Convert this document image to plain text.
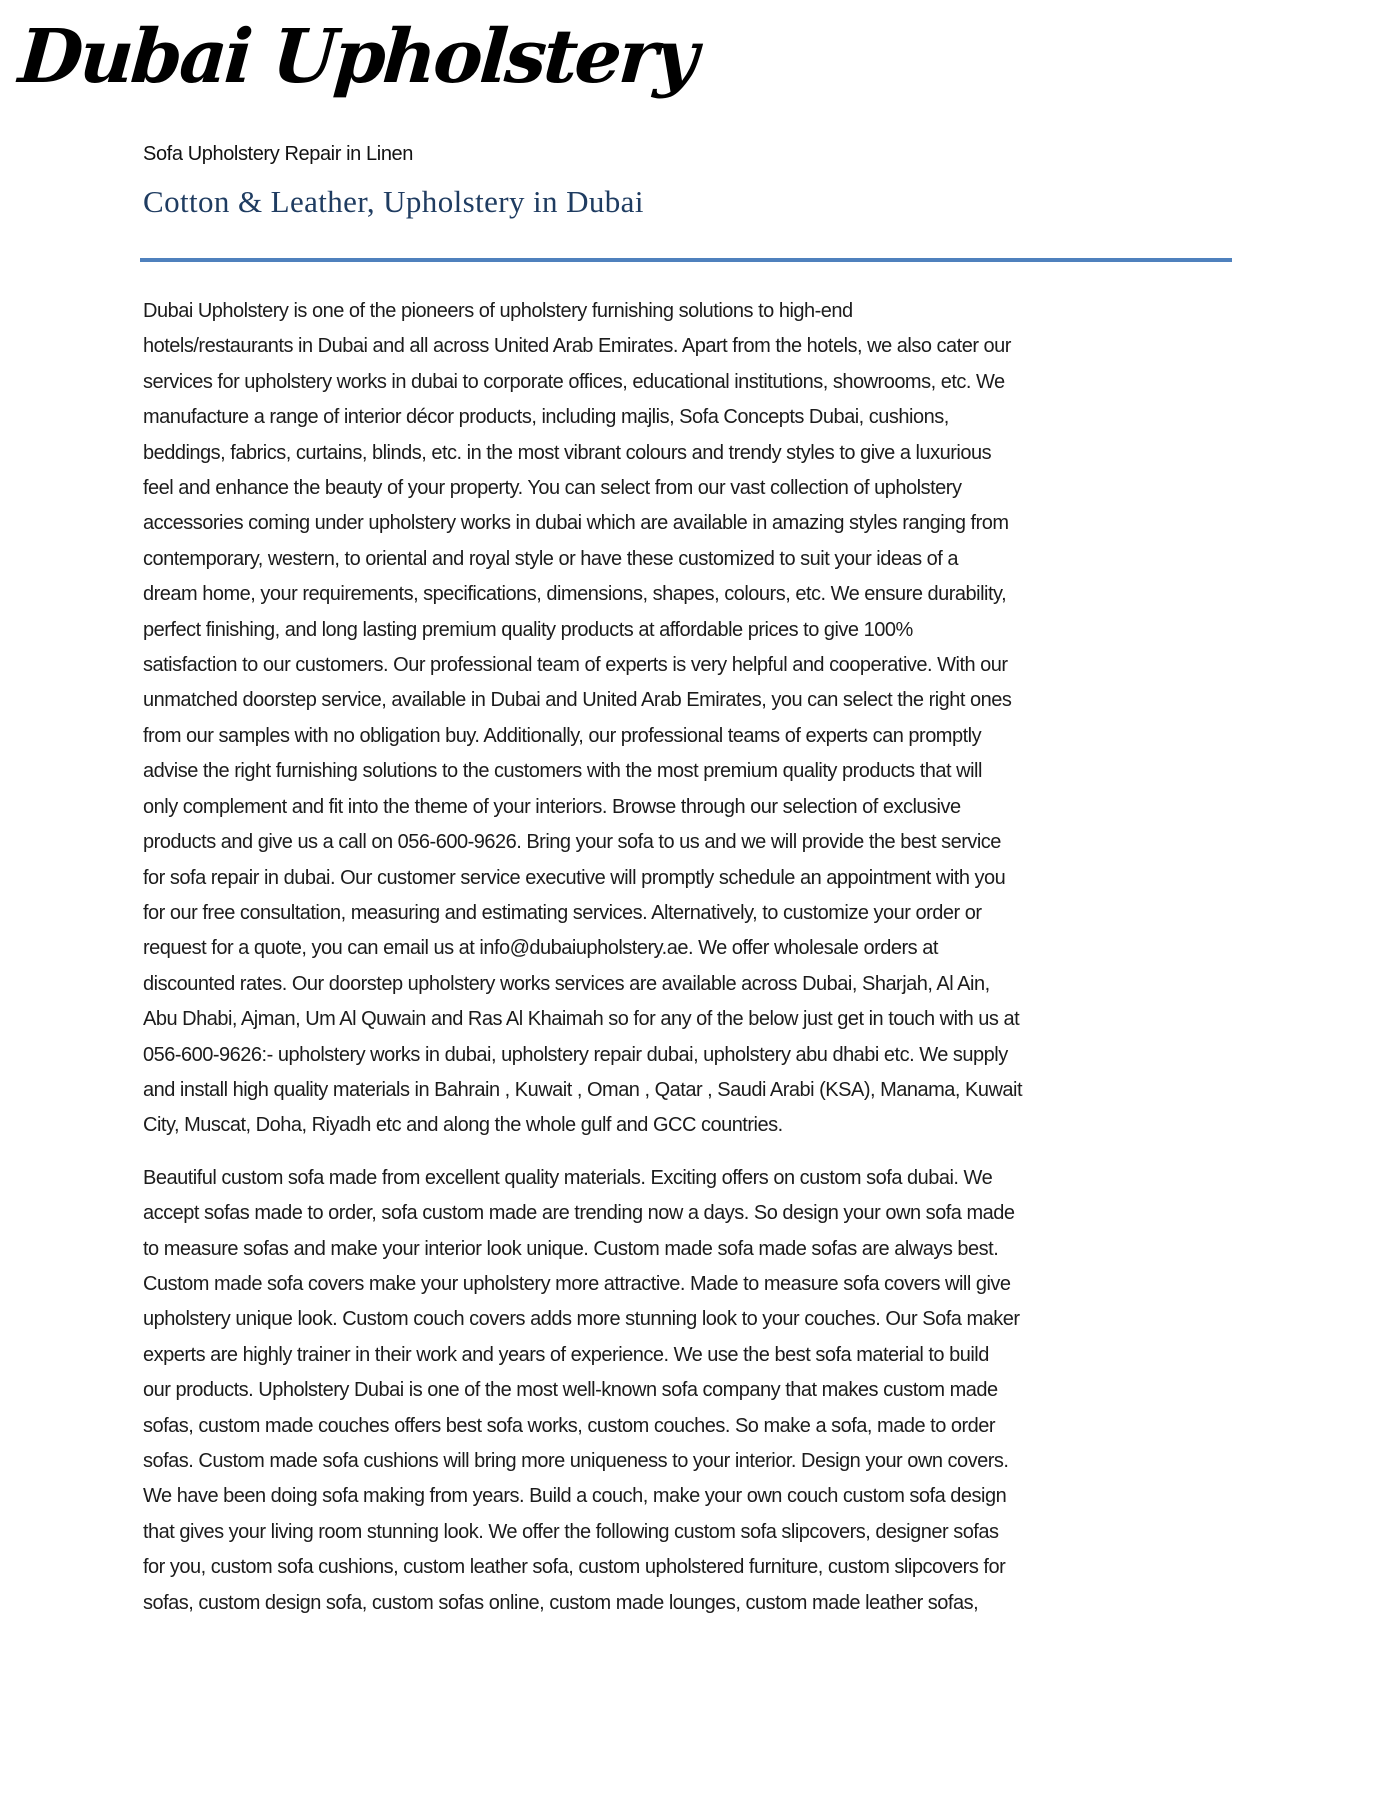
Dubai Upholstery
Sofa Upholstery Repair in Linen
Cotton & Leather, Upholstery in Dubai
Dubai Upholstery is one of the pioneers of upholstery furnishing solutions to high-end
hotels/restaurants in Dubai and all across United Arab Emirates. Apart from the hotels, we also cater our
services for upholstery works in dubai to corporate offices, educational institutions, showrooms, etc. We
manufacture a range of interior décor products, including majlis, Sofa Concepts Dubai, cushions,
beddings, fabrics, curtains, blinds, etc. in the most vibrant colours and trendy styles to give a luxurious
feel and enhance the beauty of your property. You can select from our vast collection of upholstery
accessories coming under upholstery works in dubai which are available in amazing styles ranging from
contemporary, western, to oriental and royal style or have these customized to suit your ideas of a
dream home, your requirements, specifications, dimensions, shapes, colours, etc. We ensure durability,
perfect finishing, and long lasting premium quality products at affordable prices to give 100%
satisfaction to our customers. Our professional team of experts is very helpful and cooperative. With our
unmatched doorstep service, available in Dubai and United Arab Emirates, you can select the right ones
from our samples with no obligation buy. Additionally, our professional teams of experts can promptly
advise the right furnishing solutions to the customers with the most premium quality products that will
only complement and fit into the theme of your interiors. Browse through our selection of exclusive
products and give us a call on 056-600-9626. Bring your sofa to us and we will provide the best service
for sofa repair in dubai. Our customer service executive will promptly schedule an appointment with you
for our free consultation, measuring and estimating services. Alternatively, to customize your order or
request for a quote, you can email us at info@dubaiupholstery.ae. We offer wholesale orders at
discounted rates. Our doorstep upholstery works services are available across Dubai, Sharjah, Al Ain,
Abu Dhabi, Ajman, Um Al Quwain and Ras Al Khaimah so for any of the below just get in touch with us at
056-600-9626:- upholstery works in dubai, upholstery repair dubai, upholstery abu dhabi etc. We supply
and install high quality materials in Bahrain , Kuwait , Oman , Qatar , Saudi Arabi (KSA), Manama, Kuwait
City, Muscat, Doha, Riyadh etc and along the whole gulf and GCC countries.
Beautiful custom sofa made from excellent quality materials. Exciting offers on custom sofa dubai. We
accept sofas made to order, sofa custom made are trending now a days. So design your own sofa made
to measure sofas and make your interior look unique. Custom made sofa made sofas are always best.
Custom made sofa covers make your upholstery more attractive. Made to measure sofa covers will give
upholstery unique look. Custom couch covers adds more stunning look to your couches. Our Sofa maker
experts are highly trainer in their work and years of experience. We use the best sofa material to build
our products. Upholstery Dubai is one of the most well-known sofa company that makes custom made
sofas, custom made couches offers best sofa works, custom couches. So make a sofa, made to order
sofas. Custom made sofa cushions will bring more uniqueness to your interior. Design your own covers.
We have been doing sofa making from years. Build a couch, make your own couch custom sofa design
that gives your living room stunning look. We offer the following custom sofa slipcovers, designer sofas
for you, custom sofa cushions, custom leather sofa, custom upholstered furniture, custom slipcovers for
sofas, custom design sofa, custom sofas online, custom made lounges, custom made leather sofas,
